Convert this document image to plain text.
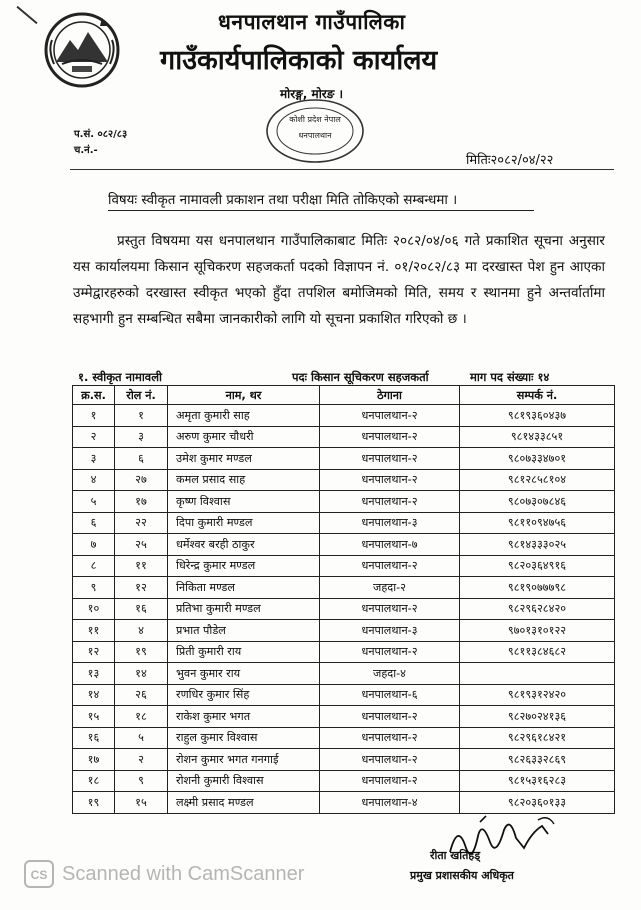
धनपालथान गाउँपालिका
गाउँकार्यपालिकाको कार्यालय
मोरङ्ग, मोरङ ।
कोशी प्रदेश नेपाल
धनपालथान
प.सं. ०८२/८३
च.नं.-
मितिः२०८२/०४/२२
विषयः स्वीकृत नामावली प्रकाशन तथा परीक्षा मिति तोकिएको सम्बन्धमा ।
प्रस्तुत विषयमा यस धनपालथान गाउँपालिकाबाट मितिः २०८२/०४/०६ गते प्रकाशित सूचना अनुसार यस कार्यालयमा किसान सूचिकरण सहजकर्ता पदको विज्ञापन नं. ०१/२०८२/८३ मा दरखास्त पेश हुन आएका उम्मेद्वारहरुको दरखास्त स्वीकृत भएको हुँदा तपशिल बमोजिमको मिति, समय र स्थानमा हुने अन्तर्वार्तामा सहभागी हुन सम्बन्धित सबैमा जानकारीको लागि यो सूचना प्रकाशित गरिएको छ ।
१. स्वीकृत नामावली	पदः किसान सूचिकरण सहजकर्ता	माग पद संख्याः १४
क्र.स.	रोल नं.	नाम, थर	ठेगाना	सम्पर्क नं.
१	१	अमृता कुमारी साह	धनपालथान-२	९८१९३६०४३७
२	३	अरुण कुमार चौधरी	धनपालथान-२	९८१४३३८५१
३	६	उमेश कुमार मण्डल	धनपालथान-२	९८०७३३४७०१
४	२७	कमल प्रसाद साह	धनपालथान-२	९८१२८५८१०४
५	१७	कृष्ण विश्वास	धनपालथान-२	९८०७३०७८४६
६	२२	दिपा कुमारी मण्डल	धनपालथान-३	९८११०९४७५६
७	२५	धर्मेश्वर बरही ठाकुर	धनपालथान-७	९८१४३३३०२५
८	११	धिरेन्द्र कुमार मण्डल	धनपालथान-२	९८२०३६४९१६
९	१२	निकिता मण्डल	जहदा-२	९८१९०७७७९८
१०	१६	प्रतिभा कुमारी मण्डल	धनपालथान-२	९८२९६२८४२०
११	४	प्रभात पौडेल	धनपालथान-३	९७०१३१०१२२
१२	१९	प्रिती कुमारी राय	धनपालथान-२	९८११३८४६८२
१३	१४	भुवन कुमार राय	जहदा-४	
१४	२६	रणधिर कुमार सिंह	धनपालथान-६	९८१९३१२४२०
१५	१८	राकेश कुमार भगत	धनपालथान-२	९८२७०२४१३६
१६	५	राहुल कुमार विश्वास	धनपालथान-२	९८२९६१८४२१
१७	२	रोशन कुमार भगत गनगाई	धनपालथान-२	९८२६३३२८६९
१८	९	रोशनी कुमारी विश्वास	धनपालथान-२	९८१५३१६२८३
१९	१५	लक्ष्मी प्रसाद मण्डल	धनपालथान-४	९८२०३६०१३३
रीता खतिहड्
प्रमुख प्रशासकीय अधिकृत
CS Scanned with CamScanner
